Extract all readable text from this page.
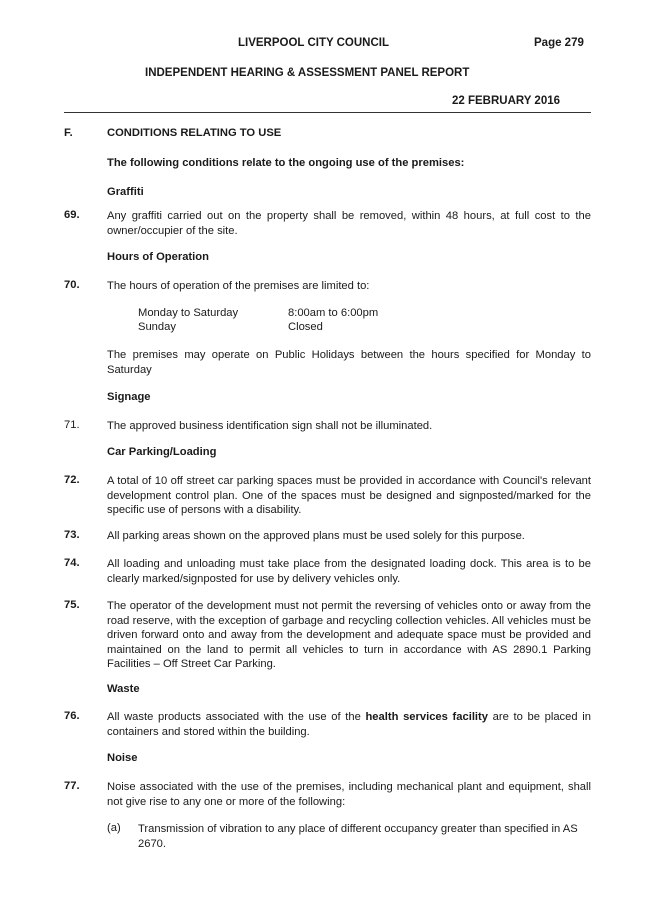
LIVERPOOL CITY COUNCIL	Page 279
INDEPENDENT HEARING & ASSESSMENT PANEL REPORT
22 FEBRUARY 2016
F.	CONDITIONS RELATING TO USE
The following conditions relate to the ongoing use of the premises:
Graffiti
69. Any graffiti carried out on the property shall be removed, within 48 hours, at full cost to the owner/occupier of the site.
Hours of Operation
70. The hours of operation of the premises are limited to:
Monday to Saturday	8:00am to 6:00pm
Sunday	Closed
The premises may operate on Public Holidays between the hours specified for Monday to Saturday
Signage
71. The approved business identification sign shall not be illuminated.
Car Parking/Loading
72. A total of 10 off street car parking spaces must be provided in accordance with Council's relevant development control plan. One of the spaces must be designed and signposted/marked for the specific use of persons with a disability.
73. All parking areas shown on the approved plans must be used solely for this purpose.
74. All loading and unloading must take place from the designated loading dock. This area is to be clearly marked/signposted for use by delivery vehicles only.
75. The operator of the development must not permit the reversing of vehicles onto or away from the road reserve, with the exception of garbage and recycling collection vehicles. All vehicles must be driven forward onto and away from the development and adequate space must be provided and maintained on the land to permit all vehicles to turn in accordance with AS 2890.1 Parking Facilities – Off Street Car Parking.
Waste
76. All waste products associated with the use of the health services facility are to be placed in containers and stored within the building.
Noise
77. Noise associated with the use of the premises, including mechanical plant and equipment, shall not give rise to any one or more of the following:
(a) Transmission of vibration to any place of different occupancy greater than specified in AS 2670.
